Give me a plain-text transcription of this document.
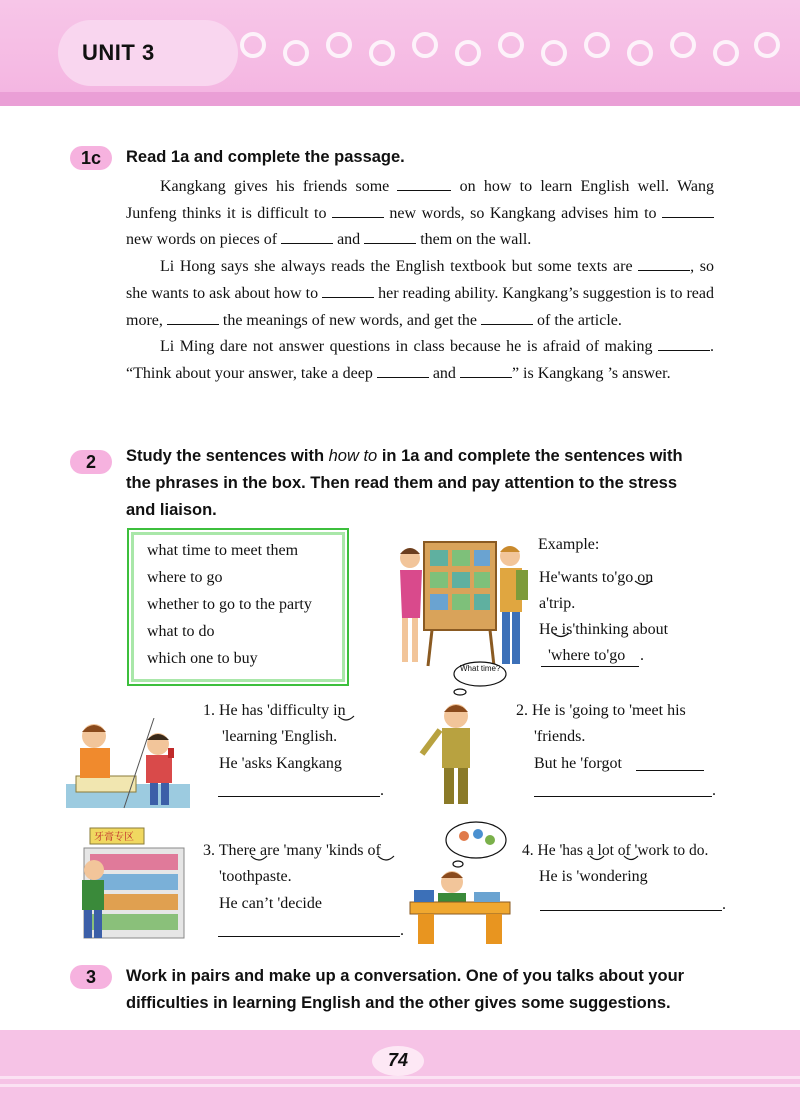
UNIT 3
1c	Read 1a and complete the passage.

Kangkang gives his friends some	on how to learn English well. Wang Junfeng thinks it is difficult to	new words, so Kangkang advises him to  new words on pieces of	and	them on the wall.

Li Hong says she always reads the English textbook but some texts are	, so she wants to ask about how to	her reading ability. Kangkang’s suggestion is to read more,	the meanings of new words, and get the	of the article.

Li Ming dare not answer questions in class because he is afraid of making	. “Think about your answer, take a deep	and	” is Kangkang ’s answer.

2	Study the sentences with how to in 1a and complete the sentences with
the phrases in the box. Then read them and pay attention to the stress
and liaison.
what time to meet them
where to go
whether to go to the party
what to do
which one to buy
Example:
He'wants to'go on
a'trip.
He is'thinking about
'where to'go .
1. He has 'difficulty in
'learning 'English.
He 'asks Kangkang
.
What time?
2. He is 'going to 'meet his
'friends.
But he 'forgot
.
牙膏专区
3. There are 'many 'kinds of
'toothpaste.
He can’t 'decide
.
4. He 'has a lot of 'work to do.
He is 'wondering
.
3	Work in pairs and make up a conversation. One of you talks about your
difficulties in learning English and the other gives some suggestions.
74
